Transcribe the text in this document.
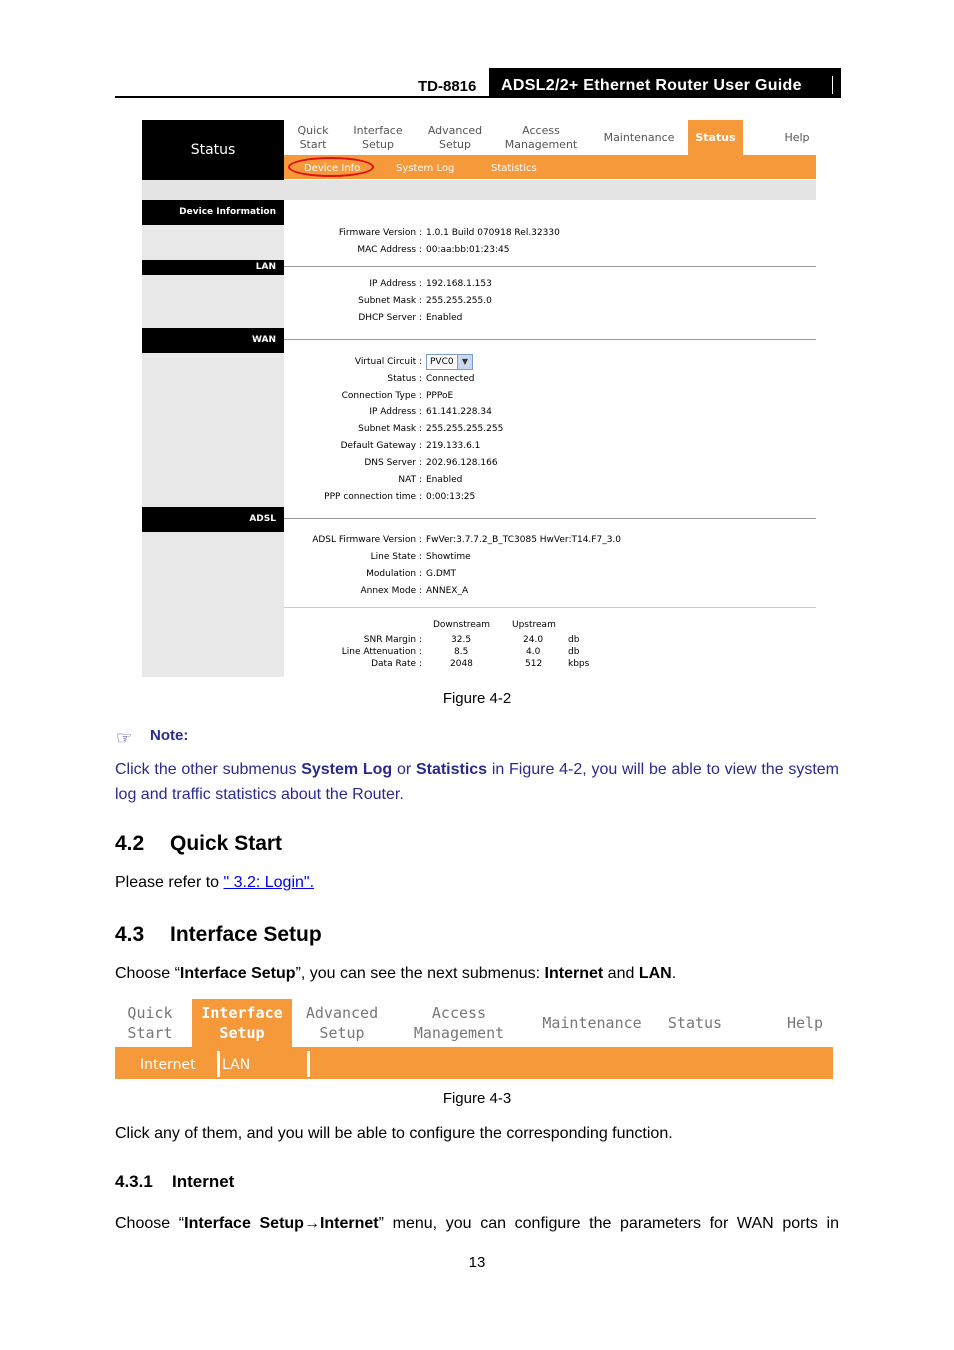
TD-8816	ADSL2/2+ Ethernet Router User Guide
Status
Quick
Start
Interface
Setup
Advanced
Setup
Access
Management
Maintenance	Status	Help
Device Info	System Log	Statistics
Device Information
LAN
WAN
ADSL
Firmware Version : 1.0.1 Build 070918 Rel.32330
MAC Address : 00:aa:bb:01:23:45
IP Address : 192.168.1.153
Subnet Mask : 255.255.255.0
DHCP Server : Enabled
Virtual Circuit : PVC0	▼
Status : Connected
Connection Type : PPPoE
IP Address : 61.141.228.34
Subnet Mask : 255.255.255.255
Default Gateway : 219.133.6.1
DNS Server : 202.96.128.166
NAT : Enabled
PPP connection time : 0:00:13:25
ADSL Firmware Version : FwVer:3.7.7.2_B_TC3085 HwVer:T14.F7_3.0
Line State : Showtime
Modulation : G.DMT
Annex Mode : ANNEX_A
Downstream Upstream
SNR Margin :	32.5	24.0	db
Line Attenuation :	8.5	4.0	db
Data Rate :	2048	512	kbps
Figure 4-2
☞ Note:
Click the other submenus System Log or Statistics in Figure 4-2, you will be able to view the system log and traffic statistics about the Router.
4.2 Quick Start
Please refer to " 3.2: Login".
4.3 Interface Setup
Choose “Interface Setup”, you can see the next submenus: Internet and LAN.
Quick
Start
Interface
Setup
Advanced
Setup
Access
Management
Maintenance	Status	Help
Internet LAN
Figure 4-3
Click any of them, and you will be able to configure the corresponding function.
4.3.1 Internet
Choose “Interface Setup→Internet” menu, you can configure the parameters for WAN ports in
13
